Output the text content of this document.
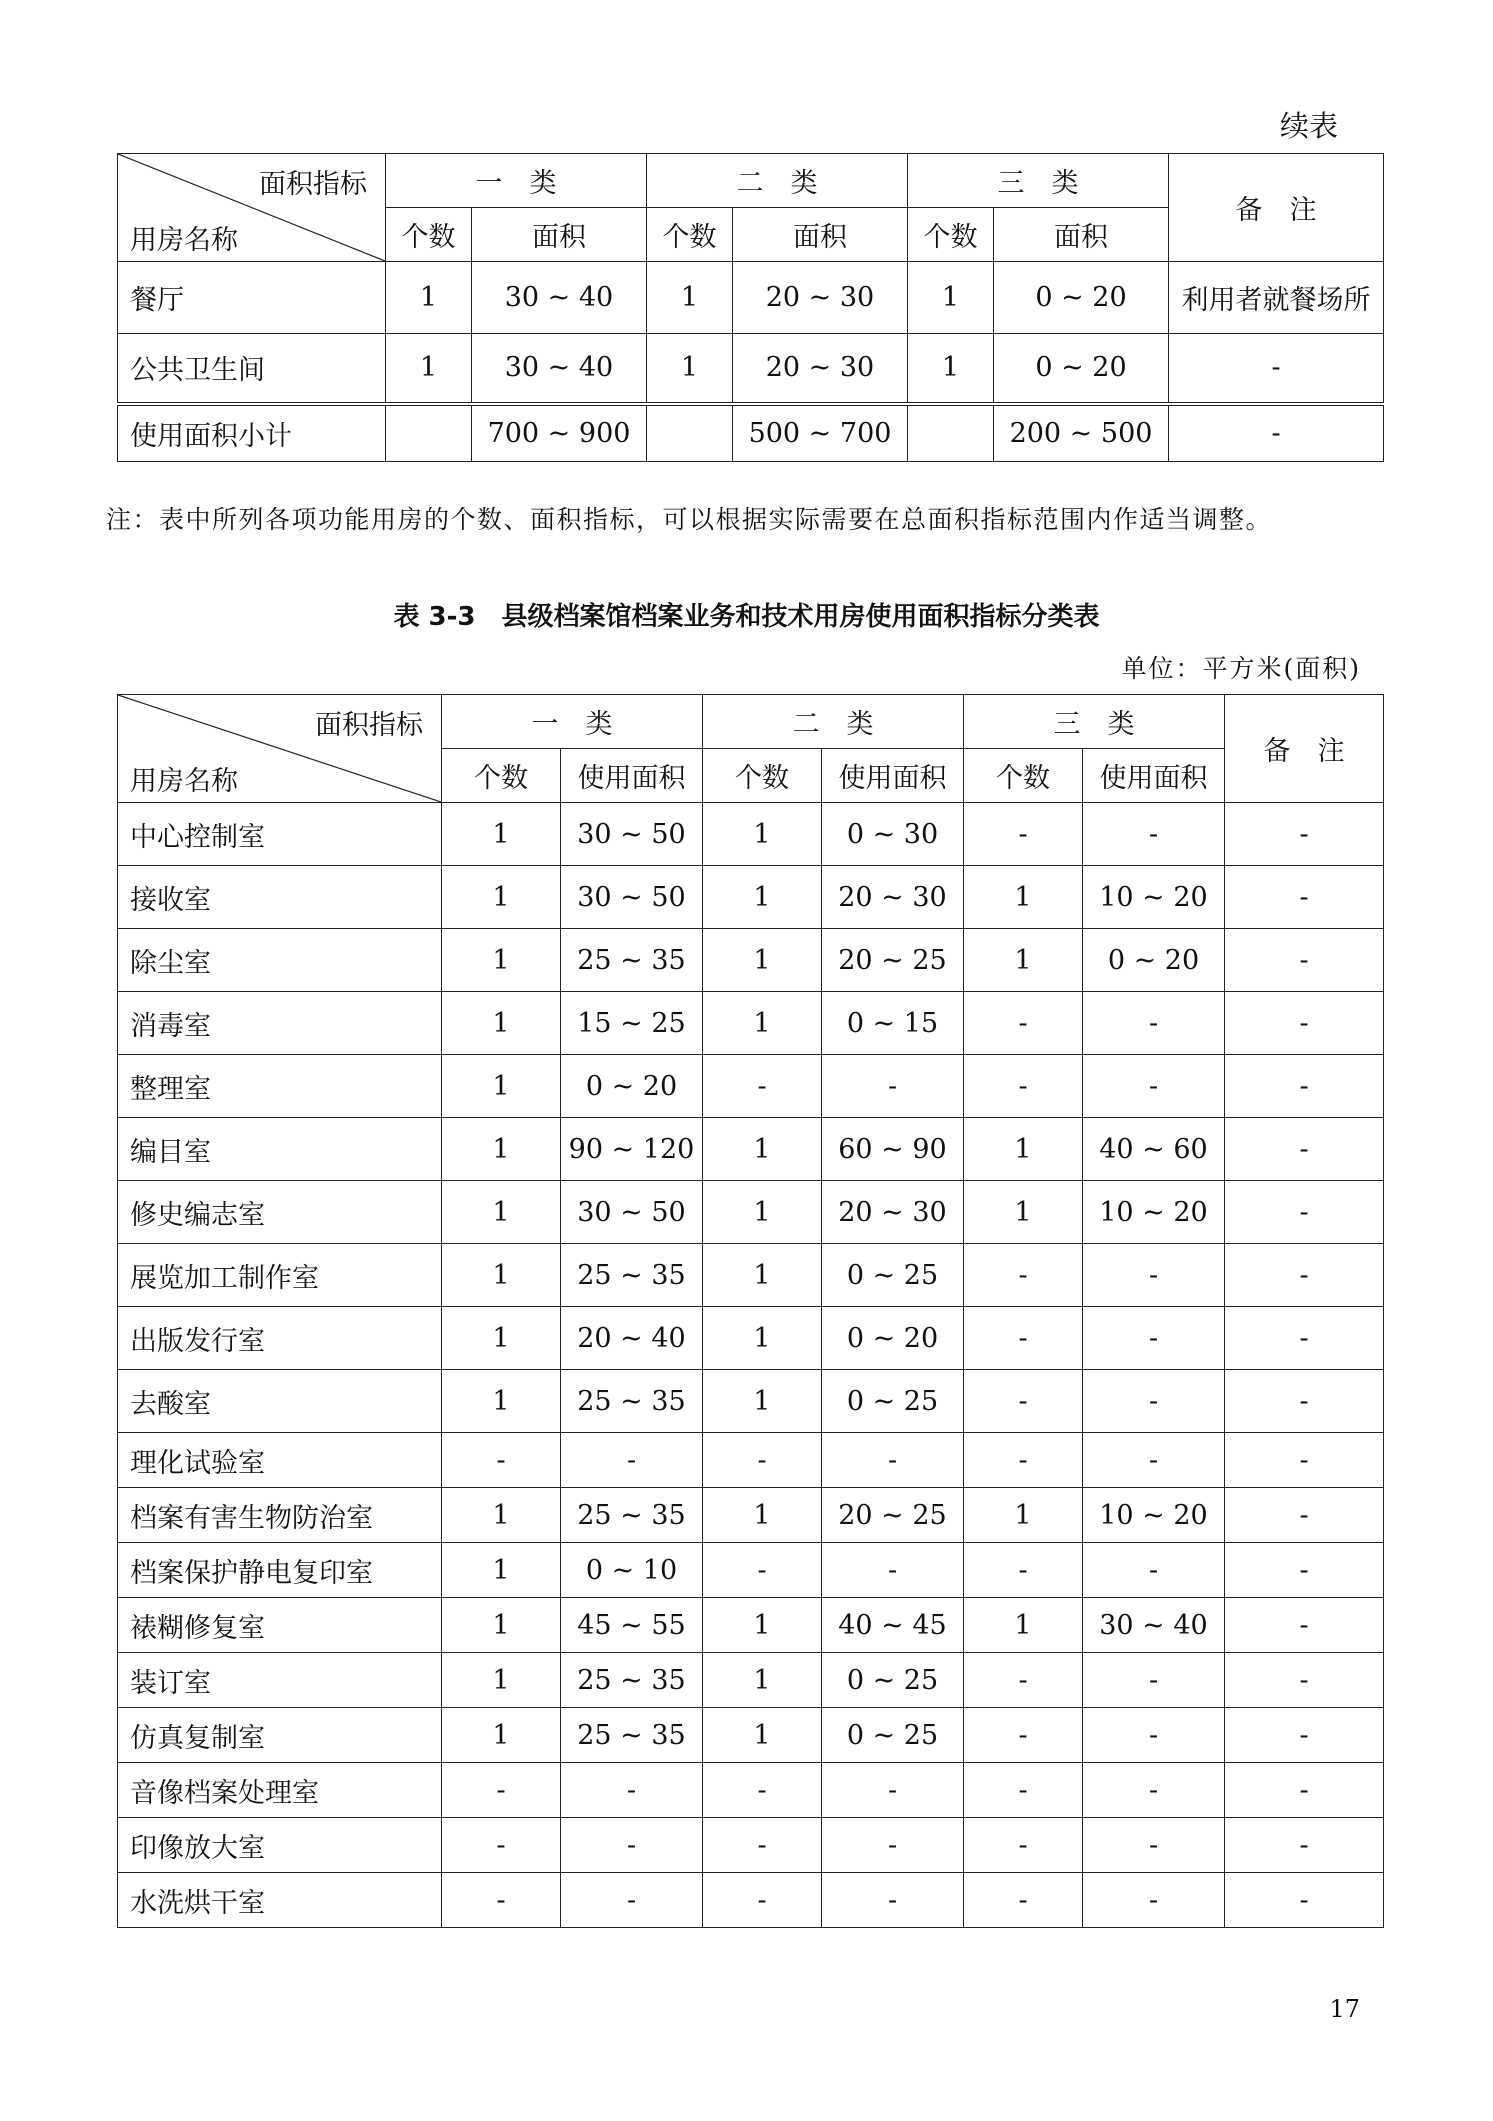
续表
面积指标
用房名称	一　类		二　类		三　类		备　注
	个数	面积	个数	面积	个数	面积	
餐厅	1	30 ~ 40	1	20 ~ 30	1	0 ~ 20	利用者就餐场所
公共卫生间	1	30 ~ 40	1	20 ~ 30	1	0 ~ 20	-
使用面积小计		700 ~ 900		500 ~ 700		200 ~ 500	-
注：表中所列各项功能用房的个数、面积指标，可以根据实际需要在总面积指标范围内作适当调整。
表 3-3　县级档案馆档案业务和技术用房使用面积指标分类表
单位：平方米(面积)
面积指标
用房名称	一　类		二　类		三　类		备　注
	个数	使用面积	个数	使用面积	个数	使用面积	
中心控制室	1	30 ~ 50	1	0 ~ 30	-	-	-
接收室	1	30 ~ 50	1	20 ~ 30	1	10 ~ 20	-
除尘室	1	25 ~ 35	1	20 ~ 25	1	0 ~ 20	-
消毒室	1	15 ~ 25	1	0 ~ 15	-	-	-
整理室	1	0 ~ 20	-	-	-	-	-
编目室	1	90 ~ 120	1	60 ~ 90	1	40 ~ 60	-
修史编志室	1	30 ~ 50	1	20 ~ 30	1	10 ~ 20	-
展览加工制作室	1	25 ~ 35	1	0 ~ 25	-	-	-
出版发行室	1	20 ~ 40	1	0 ~ 20	-	-	-
去酸室	1	25 ~ 35	1	0 ~ 25	-	-	-
理化试验室	-	-	-	-	-	-	-
档案有害生物防治室	1	25 ~ 35	1	20 ~ 25	1	10 ~ 20	-
档案保护静电复印室	1	0 ~ 10	-	-	-	-	-
裱糊修复室	1	45 ~ 55	1	40 ~ 45	1	30 ~ 40	-
装订室	1	25 ~ 35	1	0 ~ 25	-	-	-
仿真复制室	1	25 ~ 35	1	0 ~ 25	-	-	-
音像档案处理室	-	-	-	-	-	-	-
印像放大室	-	-	-	-	-	-	-
水洗烘干室	-	-	-	-	-	-	-
17
